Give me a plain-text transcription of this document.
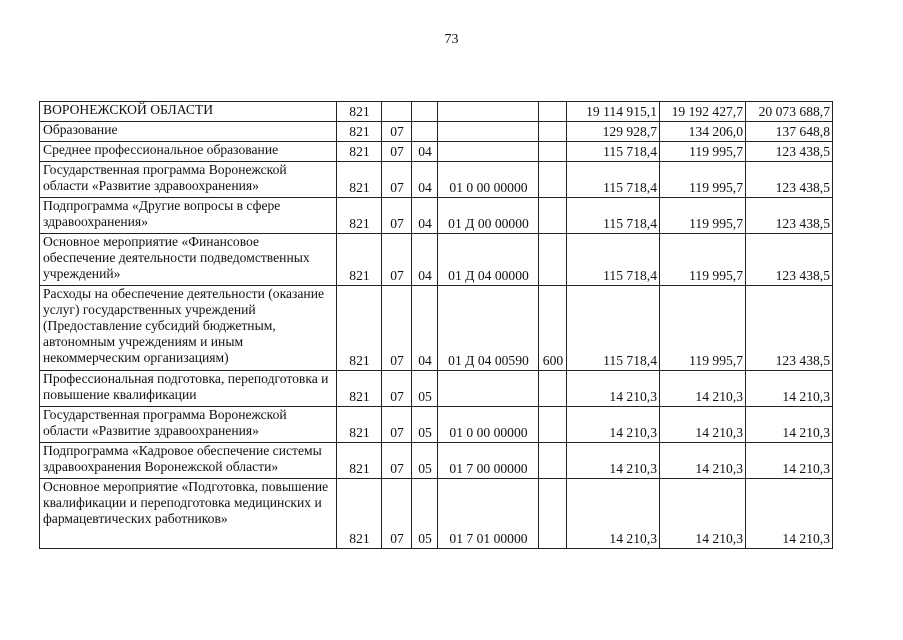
73
ВОРОНЕЖСКОЙ ОБЛАСТИ	821					19 114 915,1	19 192 427,7	20 073 688,7
Образование	821	07				129 928,7	134 206,0	137 648,8
Среднее профессиональное образование	821	07	04			115 718,4	119 995,7	123 438,5
Государственная программа Воронежской области «Развитие здравоохранения»	821	07	04	01 0 00 00000		115 718,4	119 995,7	123 438,5
Подпрограмма «Другие вопросы в сфере здравоохранения»	821	07	04	01 Д 00 00000		115 718,4	119 995,7	123 438,5
Основное мероприятие «Финансовое обеспечение деятельности подведомственных учреждений»	821	07	04	01 Д 04 00000		115 718,4	119 995,7	123 438,5
Расходы на обеспечение деятельности (оказание услуг) государственных учреждений (Предоставление субсидий бюджетным, автономным учреждениям и иным некоммерческим организациям)	821	07	04	01 Д 04 00590	600	115 718,4	119 995,7	123 438,5
Профессиональная подготовка, переподготовка и повышение квалификации	821	07	05			14 210,3	14 210,3	14 210,3
Государственная программа Воронежской области «Развитие здравоохранения»	821	07	05	01 0 00 00000		14 210,3	14 210,3	14 210,3
Подпрограмма «Кадровое обеспечение системы здравоохранения Воронежской области»	821	07	05	01 7 00 00000		14 210,3	14 210,3	14 210,3
Основное мероприятие «Подготовка, повышение квалификации и переподготовка медицинских и фармацевтических работников»	821	07	05	01 7 01 00000		14 210,3	14 210,3	14 210,3
